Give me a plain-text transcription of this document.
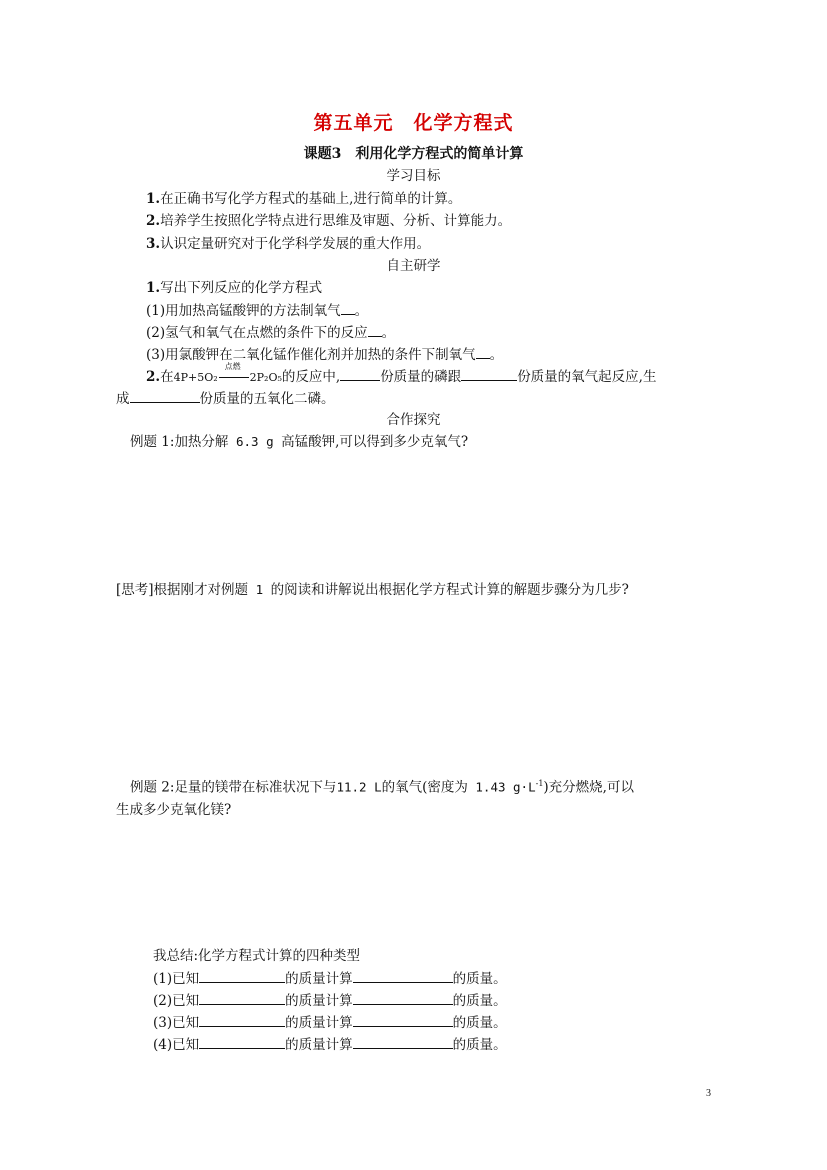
第五单元　化学方程式
课题3　利用化学方程式的简单计算
学习目标
1.在正确书写化学方程式的基础上,进行简单的计算。
2.培养学生按照化学特点进行思维及审题、分析、计算能力。
3.认识定量研究对于化学科学发展的重大作用。
自主研学
1.写出下列反应的化学方程式
(1)用加热高锰酸钾的方法制氧气 。
(2)氢气和氧气在点燃的条件下的反应 。
(3)用氯酸钾在二氧化锰作催化剂并加热的条件下制氧气 。
2.在4P+5O₂
点燃
2P₂O₅的反应中,	份质量的磷跟	份质量的氧气起反应,生
成	份质量的五氧化二磷。
合作探究
例题 1:加热分解 6.3 g 高锰酸钾,可以得到多少克氧气?
[思考]根据刚才对例题 1 的阅读和讲解说出根据化学方程式计算的解题步骤分为几步?
例题 2:足量的镁带在标准状况下与11.2 L的氧气(密度为 1.43 $g\cdot L^{-1}$)充分燃烧,可以
生成多少克氧化镁?
我总结:化学方程式计算的四种类型
(1)已知	的质量计算	的质量。
(2)已知	的质量计算	的质量。
(3)已知	的质量计算	的质量。
(4)已知	的质量计算	的质量。
3
